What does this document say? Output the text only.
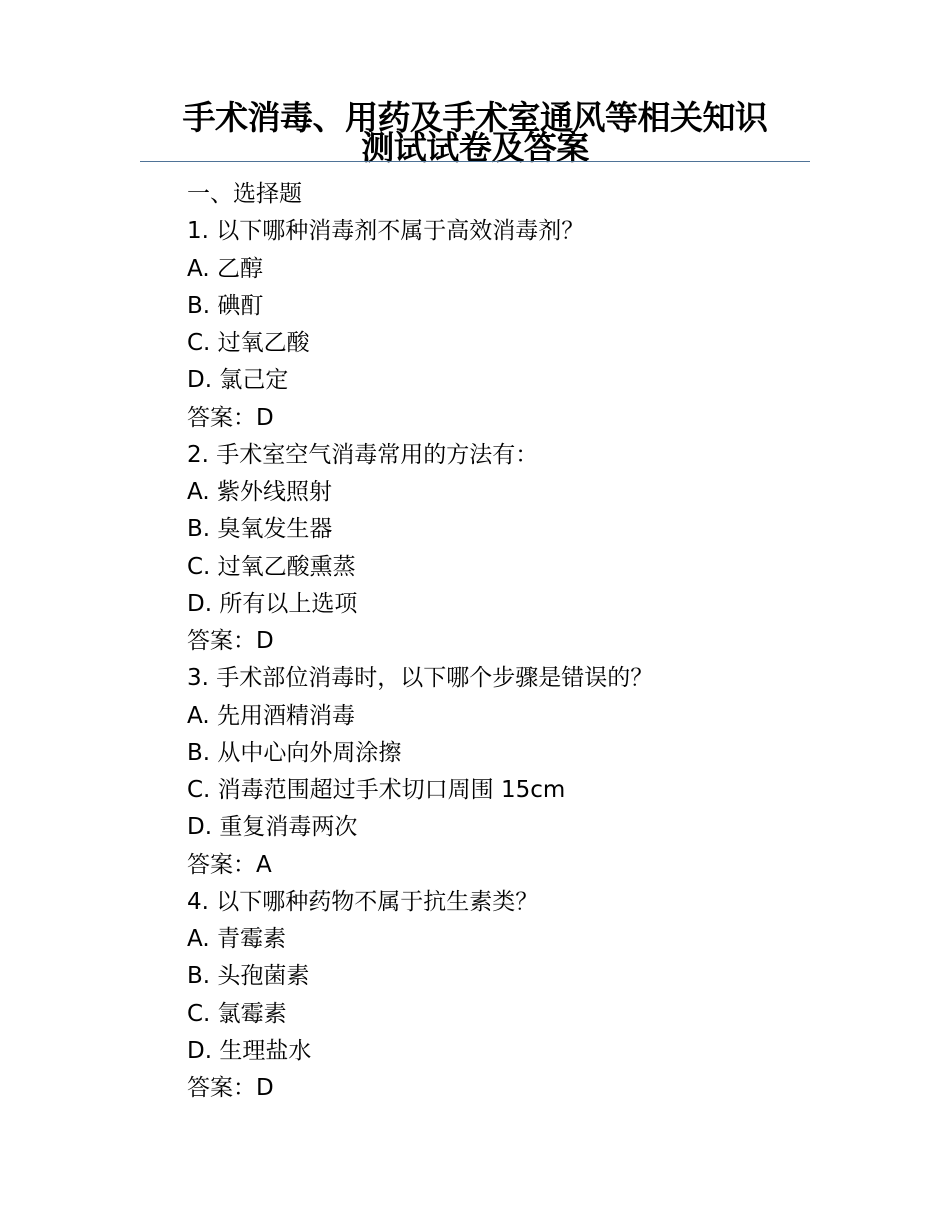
手术消毒、用药及手术室通风等相关知识
测试试卷及答案
一、选择题
1. 以下哪种消毒剂不属于高效消毒剂？
A. 乙醇
B. 碘酊
C. 过氧乙酸
D. 氯己定
答案：D
2. 手术室空气消毒常用的方法有：
A. 紫外线照射
B. 臭氧发生器
C. 过氧乙酸熏蒸
D. 所有以上选项
答案：D
3. 手术部位消毒时，以下哪个步骤是错误的？
A. 先用酒精消毒
B. 从中心向外周涂擦
C. 消毒范围超过手术切口周围 15cm
D. 重复消毒两次
答案：A
4. 以下哪种药物不属于抗生素类？
A. 青霉素
B. 头孢菌素
C. 氯霉素
D. 生理盐水
答案：D
